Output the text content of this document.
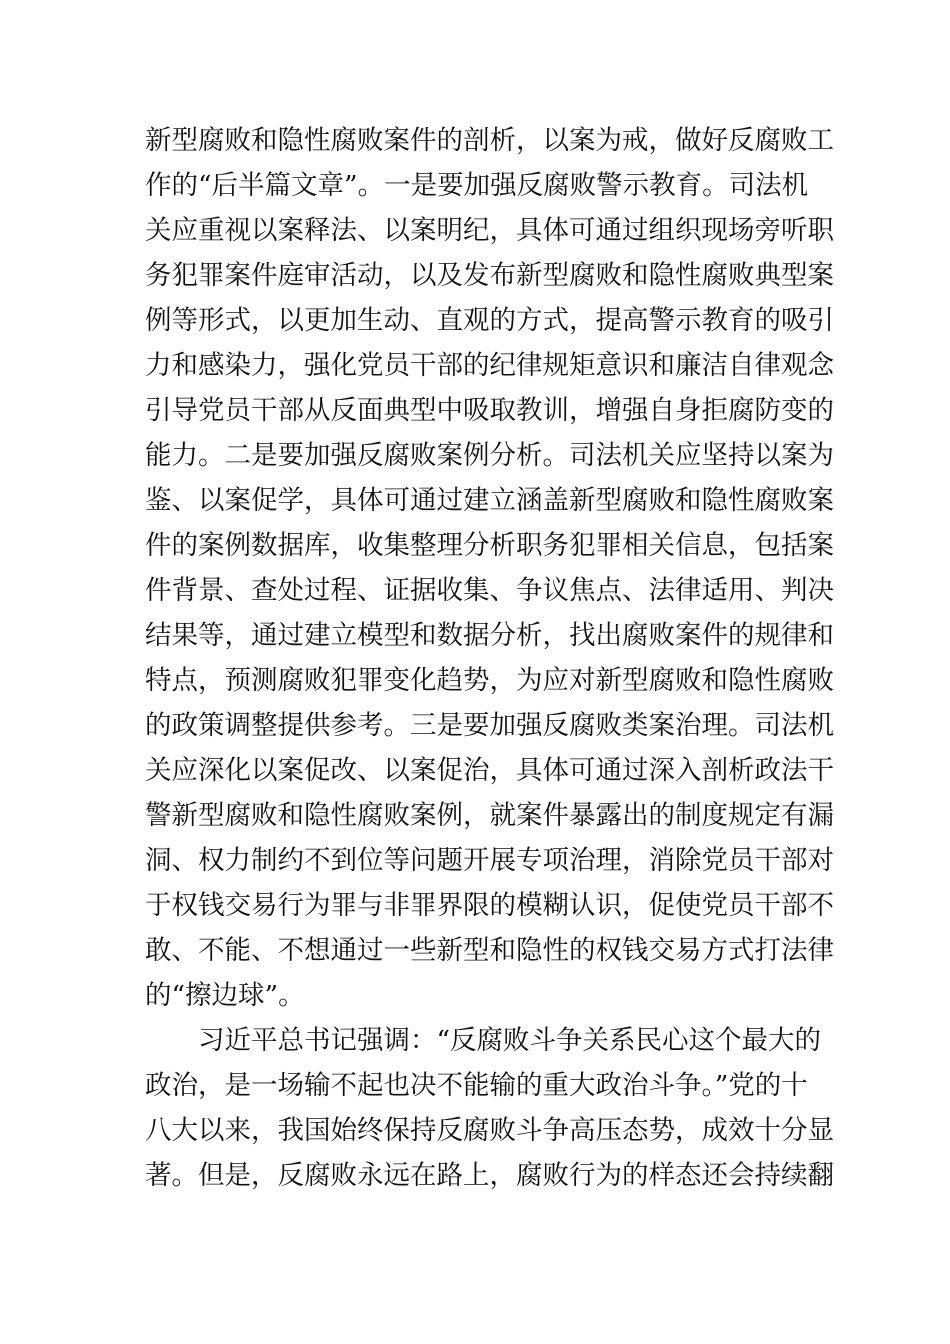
新型腐败和隐性腐败案件的剖析，以案为戒，做好反腐败工
作的“后半篇文章”。一是要加强反腐败警示教育。司法机
关应重视以案释法、以案明纪，具体可通过组织现场旁听职
务犯罪案件庭审活动，以及发布新型腐败和隐性腐败典型案
例等形式，以更加生动、直观的方式，提高警示教育的吸引
力和感染力，强化党员干部的纪律规矩意识和廉洁自律观念
引导党员干部从反面典型中吸取教训，增强自身拒腐防变的
能力。二是要加强反腐败案例分析。司法机关应坚持以案为
鉴、以案促学，具体可通过建立涵盖新型腐败和隐性腐败案
件的案例数据库，收集整理分析职务犯罪相关信息，包括案
件背景、查处过程、证据收集、争议焦点、法律适用、判决
结果等，通过建立模型和数据分析，找出腐败案件的规律和
特点，预测腐败犯罪变化趋势，为应对新型腐败和隐性腐败
的政策调整提供参考。三是要加强反腐败类案治理。司法机
关应深化以案促改、以案促治，具体可通过深入剖析政法干
警新型腐败和隐性腐败案例，就案件暴露出的制度规定有漏
洞、权力制约不到位等问题开展专项治理，消除党员干部对
于权钱交易行为罪与非罪界限的模糊认识，促使党员干部不
敢、不能、不想通过一些新型和隐性的权钱交易方式打法律
的“擦边球”。
习近平总书记强调：“反腐败斗争关系民心这个最大的
政治，是一场输不起也决不能输的重大政治斗争。”党的十
八大以来，我国始终保持反腐败斗争高压态势，成效十分显
著。但是，反腐败永远在路上，腐败行为的样态还会持续翻
